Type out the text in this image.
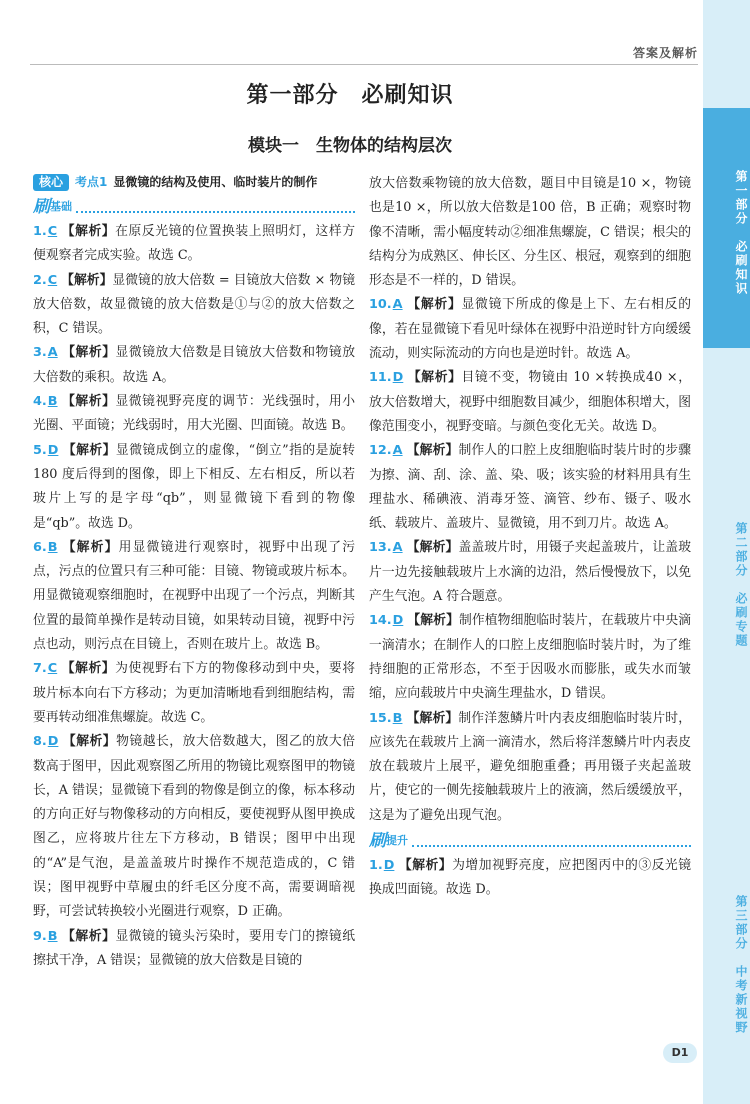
答案及解析
第一部分　必刷知识
模块一　生物体的结构层次
第一部分　必刷知识
第二部分　必刷专题
第三部分　中考新视野
核心	考点1 显微镜的结构及使用、临时装片的制作
刷 基础

1.C 【解析】在原反光镜的位置换装上照明灯，这样方便观察者完成实验。故选 C。

2.C 【解析】显微镜的放大倍数 = 目镜放大倍数 × 物镜放大倍数，故显微镜的放大倍数是①与②的放大倍数之积，C 错误。

3.A 【解析】显微镜放大倍数是目镜放大倍数和物镜放大倍数的乘积。故选 A。

4.B 【解析】显微镜视野亮度的调节：光线强时，用小光圈、平面镜；光线弱时，用大光圈、凹面镜。故选 B。

5.D 【解析】显微镜成倒立的虚像，“倒立”指的是旋转 180 度后得到的图像，即上下相反、左右相反，所以若玻片上写的是字母“qb”，则显微镜下看到的物像是“qb”。故选 D。

6.B 【解析】用显微镜进行观察时，视野中出现了污点，污点的位置只有三种可能：目镜、物镜或玻片标本。用显微镜观察细胞时，在视野中出现了一个污点，判断其位置的最简单操作是转动目镜，如果转动目镜，视野中污点也动，则污点在目镜上，否则在玻片上。故选 B。

7.C 【解析】为使视野右下方的物像移动到中央，要将玻片标本向右下方移动；为更加清晰地看到细胞结构，需要再转动细准焦螺旋。故选 C。

8.D 【解析】物镜越长，放大倍数越大，图乙的放大倍数高于图甲，因此观察图乙所用的物镜比观察图甲的物镜长，A 错误；显微镜下看到的物像是倒立的像，标本移动的方向正好与物像移动的方向相反，要使视野从图甲换成图乙，应将玻片往左下方移动，B 错误；图甲中出现的“A”是气泡，是盖盖玻片时操作不规范造成的，C 错误；图甲视野中草履虫的纤毛区分度不高，需要调暗视野，可尝试转换较小光圈进行观察，D 正确。

9.B 【解析】显微镜的镜头污染时，要用专门的擦镜纸擦拭干净，A 错误；显微镜的放大倍数是目镜的

放大倍数乘物镜的放大倍数，题目中目镜是10 ×，物镜也是10 ×，所以放大倍数是100 倍，B 正确；观察时物像不清晰，需小幅度转动②细准焦螺旋，C 错误；根尖的结构分为成熟区、伸长区、分生区、根冠，观察到的细胞形态是不一样的，D 错误。

10.A 【解析】显微镜下所成的像是上下、左右相反的像，若在显微镜下看见叶绿体在视野中沿逆时针方向缓缓流动，则实际流动的方向也是逆时针。故选 A。

11.D 【解析】目镜不变，物镜由 10 ×转换成40 ×，放大倍数增大，视野中细胞数目减少，细胞体积增大，图像范围变小，视野变暗。与颜色变化无关。故选 D。

12.A 【解析】制作人的口腔上皮细胞临时装片时的步骤为擦、滴、刮、涂、盖、染、吸；该实验的材料用具有生理盐水、稀碘液、消毒牙签、滴管、纱布、镊子、吸水纸、载玻片、盖玻片、显微镜，用不到刀片。故选 A。

13.A 【解析】盖盖玻片时，用镊子夹起盖玻片，让盖玻片一边先接触载玻片上水滴的边沿，然后慢慢放下，以免产生气泡。A 符合题意。

14.D 【解析】制作植物细胞临时装片，在载玻片中央滴一滴清水；在制作人的口腔上皮细胞临时装片时，为了维持细胞的正常形态，不至于因吸水而膨胀，或失水而皱缩，应向载玻片中央滴生理盐水，D 错误。

15.B 【解析】制作洋葱鳞片叶内表皮细胞临时装片时，应该先在载玻片上滴一滴清水，然后将洋葱鳞片叶内表皮放在载玻片上展平，避免细胞重叠；再用镊子夹起盖玻片，使它的一侧先接触载玻片上的液滴，然后缓缓放平，这是为了避免出现气泡。

刷 提升

1.D 【解析】为增加视野亮度，应把图丙中的③反光镜换成凹面镜。故选 D。

D1
